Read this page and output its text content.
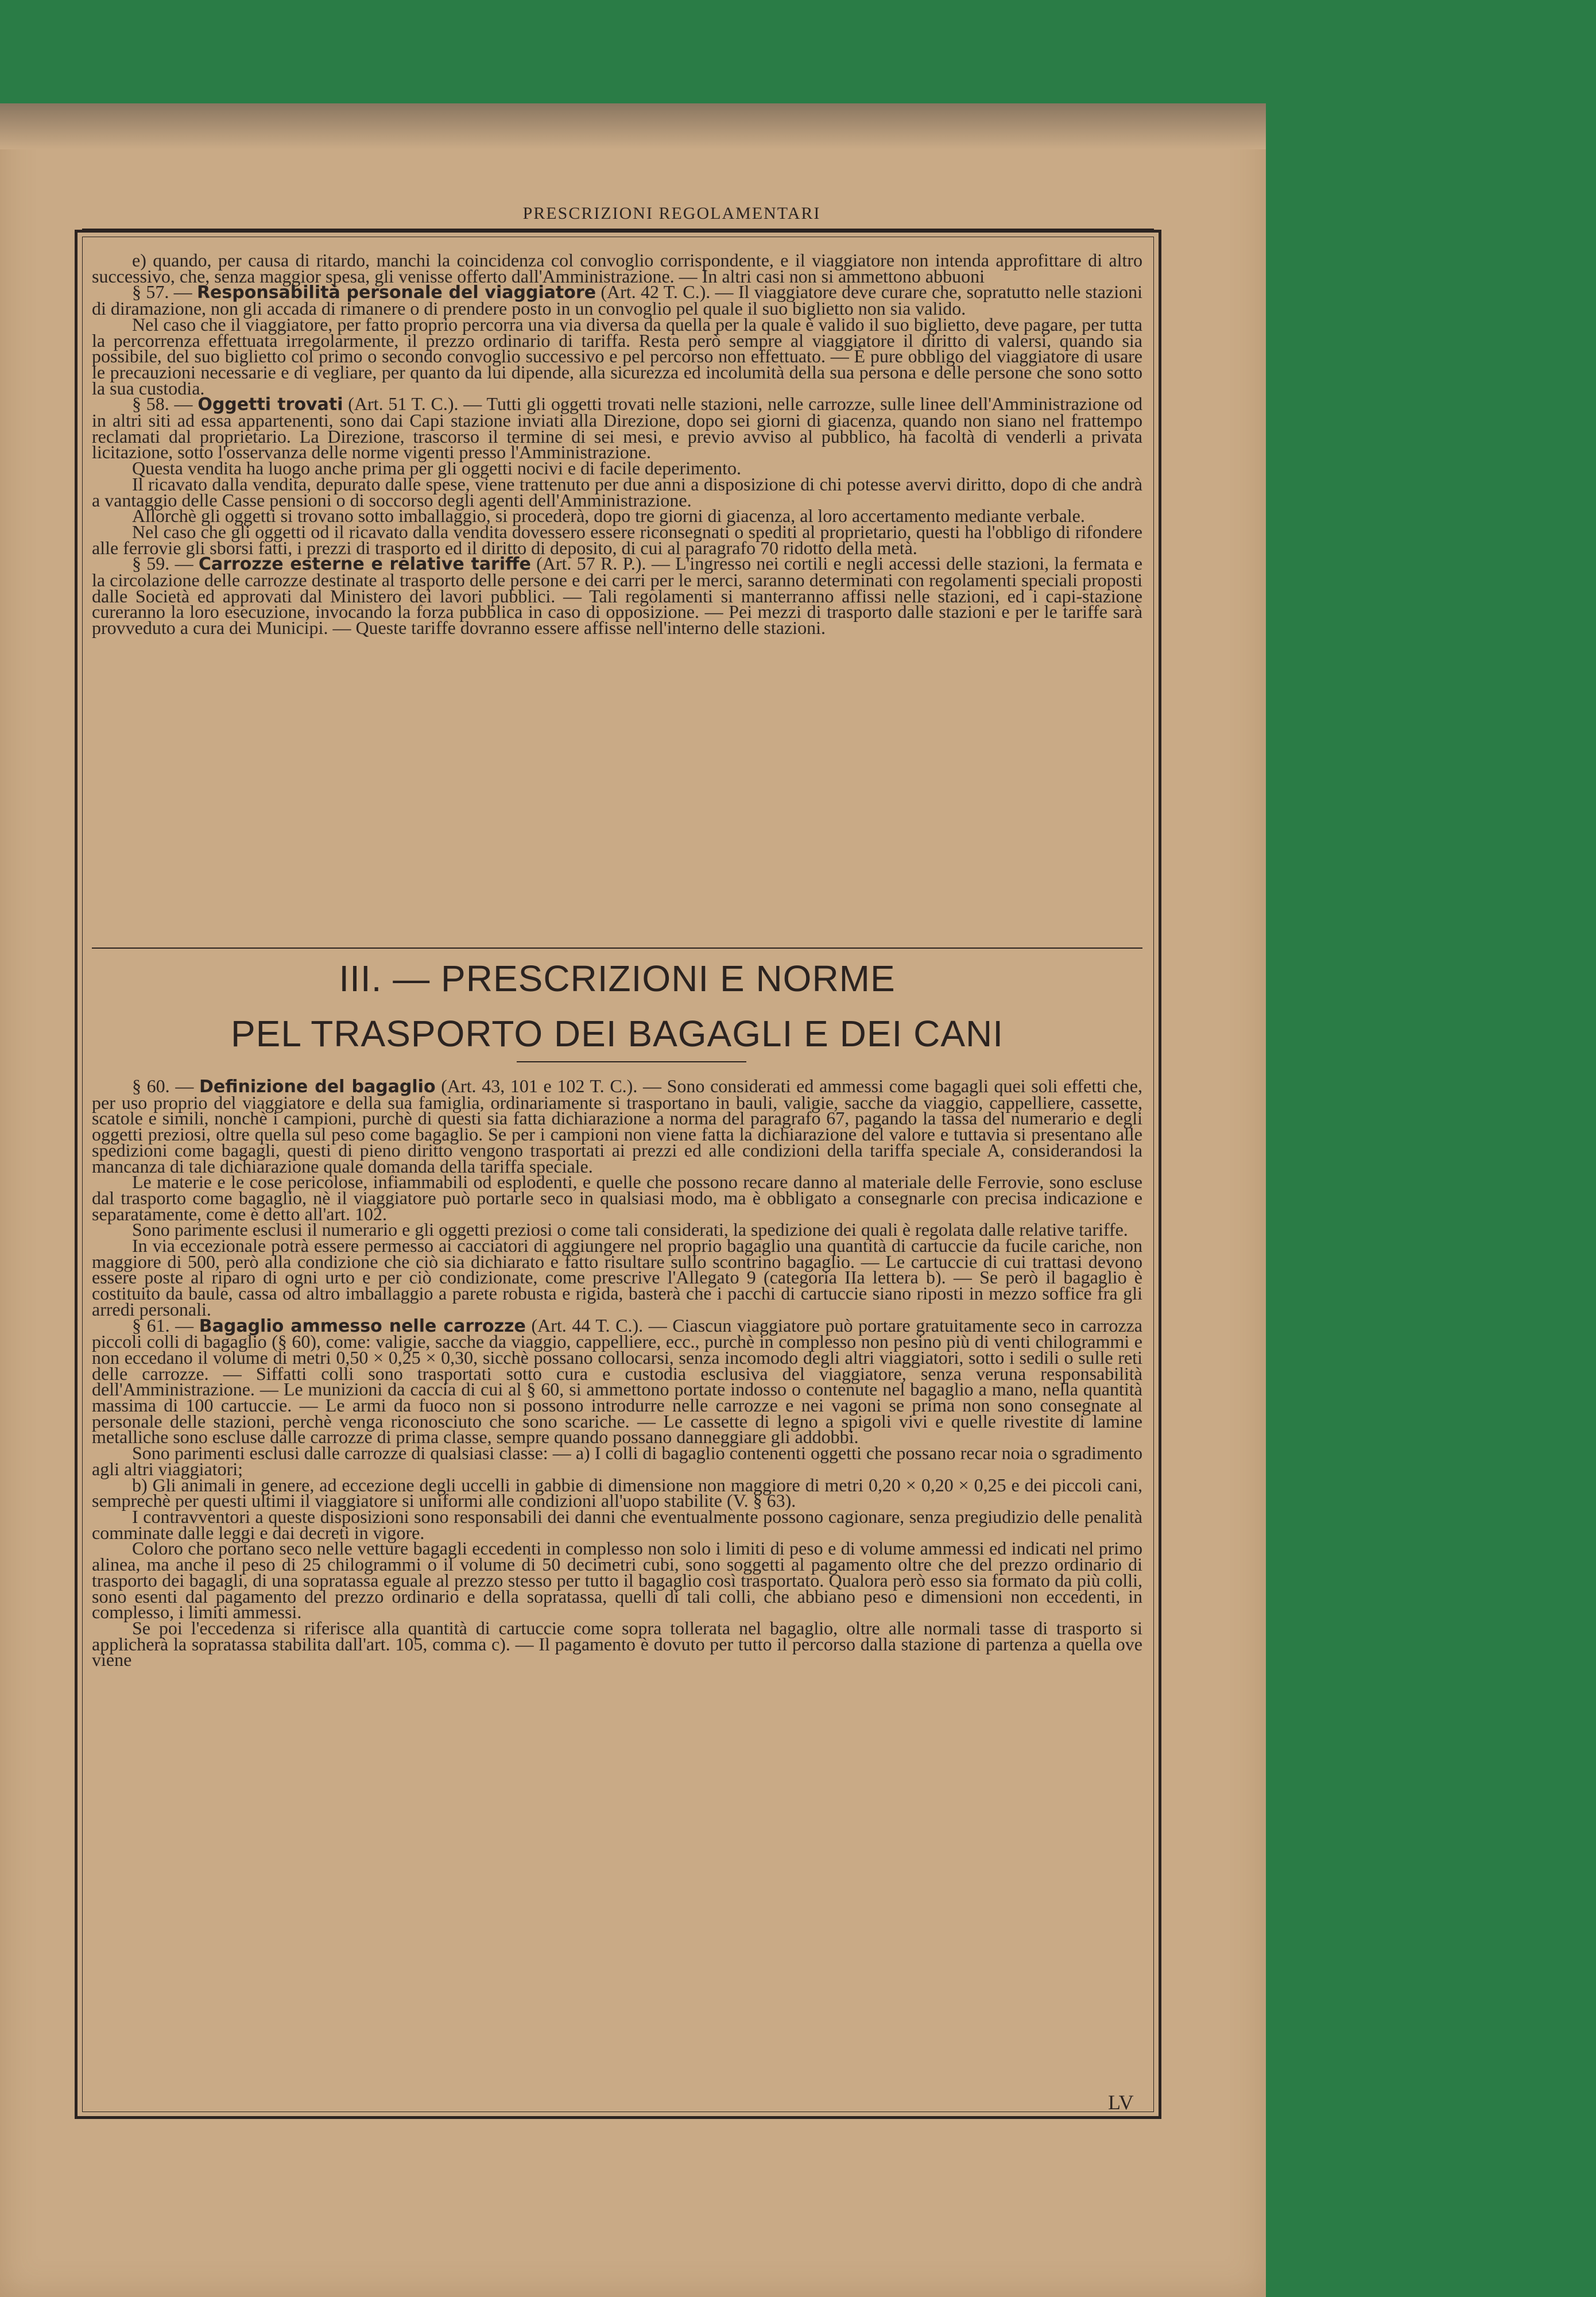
PRESCRIZIONI REGOLAMENTARI

e) quando, per causa di ritardo, manchi la coincidenza col convoglio corrispondente, e il viaggiatore non intenda approfittare di altro successivo, che, senza maggior spesa, gli venisse offerto dall'Amministrazione. — In altri casi non si ammettono abbuoni

§ 57. — Responsabilità personale del viaggiatore (Art. 42 T. C.). — Il viaggiatore deve curare che, sopratutto nelle stazioni di diramazione, non gli accada di rimanere o di prendere posto in un convoglio pel quale il suo biglietto non sia valido.

Nel caso che il viaggiatore, per fatto proprio percorra una via diversa da quella per la quale è valido il suo biglietto, deve pagare, per tutta la percorrenza effettuata irregolarmente, il prezzo ordinario di tariffa. Resta però sempre al viaggiatore il diritto di valersi, quando sia possibile, del suo biglietto col primo o secondo convoglio successivo e pel percorso non effettuato. — È pure obbligo del viaggiatore di usare le precauzioni necessarie e di vegliare, per quanto da lui dipende, alla sicurezza ed incolumità della sua persona e delle persone che sono sotto la sua custodia.

§ 58. — Oggetti trovati (Art. 51 T. C.). — Tutti gli oggetti trovati nelle stazioni, nelle carrozze, sulle linee dell'Amministrazione od in altri siti ad essa appartenenti, sono dai Capi stazione inviati alla Direzione, dopo sei giorni di giacenza, quando non siano nel frattempo reclamati dal proprietario. La Direzione, trascorso il termine di sei mesi, e previo avviso al pubblico, ha facoltà di venderli a privata licitazione, sotto l'osservanza delle norme vigenti presso l'Amministrazione.

Questa vendita ha luogo anche prima per gli oggetti nocivi e di facile deperimento.

Il ricavato dalla vendita, depurato dalle spese, viene trattenuto per due anni a disposizione di chi potesse avervi diritto, dopo di che andrà a vantaggio delle Casse pensioni o di soccorso degli agenti dell'Amministrazione.

Allorchè gli oggetti si trovano sotto imballaggio, si procederà, dopo tre giorni di giacenza, al loro accertamento mediante verbale.

Nel caso che gli oggetti od il ricavato dalla vendita dovessero essere riconsegnati o spediti al proprietario, questi ha l'obbligo di rifondere alle ferrovie gli sborsi fatti, i prezzi di trasporto ed il diritto di deposito, di cui al paragrafo 70 ridotto della metà.

§ 59. — Carrozze esterne e relative tariffe (Art. 57 R. P.). — L'ingresso nei cortili e negli accessi delle stazioni, la fermata e la circolazione delle carrozze destinate al trasporto delle persone e dei carri per le merci, saranno determinati con regolamenti speciali proposti dalle Società ed approvati dal Ministero dei lavori pubblici. — Tali regolamenti si manterranno affissi nelle stazioni, ed i capi-stazione cureranno la loro esecuzione, invocando la forza pubblica in caso di opposizione. — Pei mezzi di trasporto dalle stazioni e per le tariffe sarà provveduto a cura dei Municipi. — Queste tariffe dovranno essere affisse nell'interno delle stazioni.

III. — PRESCRIZIONI E NORME
PEL TRASPORTO DEI BAGAGLI E DEI CANI

§ 60. — Definizione del bagaglio (Art. 43, 101 e 102 T. C.). — Sono considerati ed ammessi come bagagli quei soli effetti che, per uso proprio del viaggiatore e della sua famiglia, ordinariamente si trasportano in bauli, valigie, sacche da viaggio, cappelliere, cassette, scatole e simili, nonchè i campioni, purchè di questi sia fatta dichiarazione a norma del paragrafo 67, pagando la tassa del numerario e degli oggetti preziosi, oltre quella sul peso come bagaglio. Se per i campioni non viene fatta la dichiarazione del valore e tuttavia si presentano alle spedizioni come bagagli, questi di pieno diritto vengono trasportati ai prezzi ed alle condizioni della tariffa speciale A, considerandosi la mancanza di tale dichiarazione quale domanda della tariffa speciale.

Le materie e le cose pericolose, infiammabili od esplodenti, e quelle che possono recare danno al materiale delle Ferrovie, sono escluse dal trasporto come bagaglio, nè il viaggiatore può portarle seco in qualsiasi modo, ma è obbligato a consegnarle con precisa indicazione e separatamente, come è detto all'art. 102.

Sono parimente esclusi il numerario e gli oggetti preziosi o come tali considerati, la spedizione dei quali è regolata dalle relative tariffe.

In via eccezionale potrà essere permesso ai cacciatori di aggiungere nel proprio bagaglio una quantità di cartuccie da fucile cariche, non maggiore di 500, però alla condizione che ciò sia dichiarato e fatto risultare sullo scontrino bagaglio. — Le cartuccie di cui trattasi devono essere poste al riparo di ogni urto e per ciò condizionate, come prescrive l'Allegato 9 (categoria IIa lettera b). — Se però il bagaglio è costituito da baule, cassa od altro imballaggio a parete robusta e rigida, basterà che i pacchi di cartuccie siano riposti in mezzo soffice fra gli arredi personali.

§ 61. — Bagaglio ammesso nelle carrozze (Art. 44 T. C.). — Ciascun viaggiatore può portare gratuitamente seco in carrozza piccoli colli di bagaglio (§ 60), come: valigie, sacche da viaggio, cappelliere, ecc., purchè in complesso non pesino più di venti chilogrammi e non eccedano il volume di metri 0,50 × 0,25 × 0,30, sicchè possano collocarsi, senza incomodo degli altri viaggiatori, sotto i sedili o sulle reti delle carrozze. — Siffatti colli sono trasportati sotto cura e custodia esclusiva del viaggiatore, senza veruna responsabilità dell'Amministrazione. — Le munizioni da caccia di cui al § 60, si ammettono portate indosso o contenute nel bagaglio a mano, nella quantità massima di 100 cartuccie. — Le armi da fuoco non si possono introdurre nelle carrozze e nei vagoni se prima non sono consegnate al personale delle stazioni, perchè venga riconosciuto che sono scariche. — Le cassette di legno a spigoli vivi e quelle rivestite di lamine metalliche sono escluse dalle carrozze di prima classe, sempre quando possano danneggiare gli addobbi.

Sono parimenti esclusi dalle carrozze di qualsiasi classe: — a) I colli di bagaglio contenenti oggetti che possano recar noia o sgradimento agli altri viaggiatori;

b) Gli animali in genere, ad eccezione degli uccelli in gabbie di dimensione non maggiore di metri 0,20 × 0,20 × 0,25 e dei piccoli cani, semprechè per questi ultimi il viaggiatore si uniformi alle condizioni all'uopo stabilite (V. § 63).

I contravventori a queste disposizioni sono responsabili dei danni che eventualmente possono cagionare, senza pregiudizio delle penalità comminate dalle leggi e dai decreti in vigore.

Coloro che portano seco nelle vetture bagagli eccedenti in complesso non solo i limiti di peso e di volume ammessi ed indicati nel primo alinea, ma anche il peso di 25 chilogrammi o il volume di 50 decimetri cubi, sono soggetti al pagamento oltre che del prezzo ordinario di trasporto dei bagagli, di una sopratassa eguale al prezzo stesso per tutto il bagaglio così trasportato. Qualora però esso sia formato da più colli, sono esenti dal pagamento del prezzo ordinario e della sopratassa, quelli di tali colli, che abbiano peso e dimensioni non eccedenti, in complesso, i limiti ammessi.

Se poi l'eccedenza si riferisce alla quantità di cartuccie come sopra tollerata nel bagaglio, oltre alle normali tasse di trasporto si applicherà la sopratassa stabilita dall'art. 105, comma c). — Il pagamento è dovuto per tutto il percorso dalla stazione di partenza a quella ove viene

LV
